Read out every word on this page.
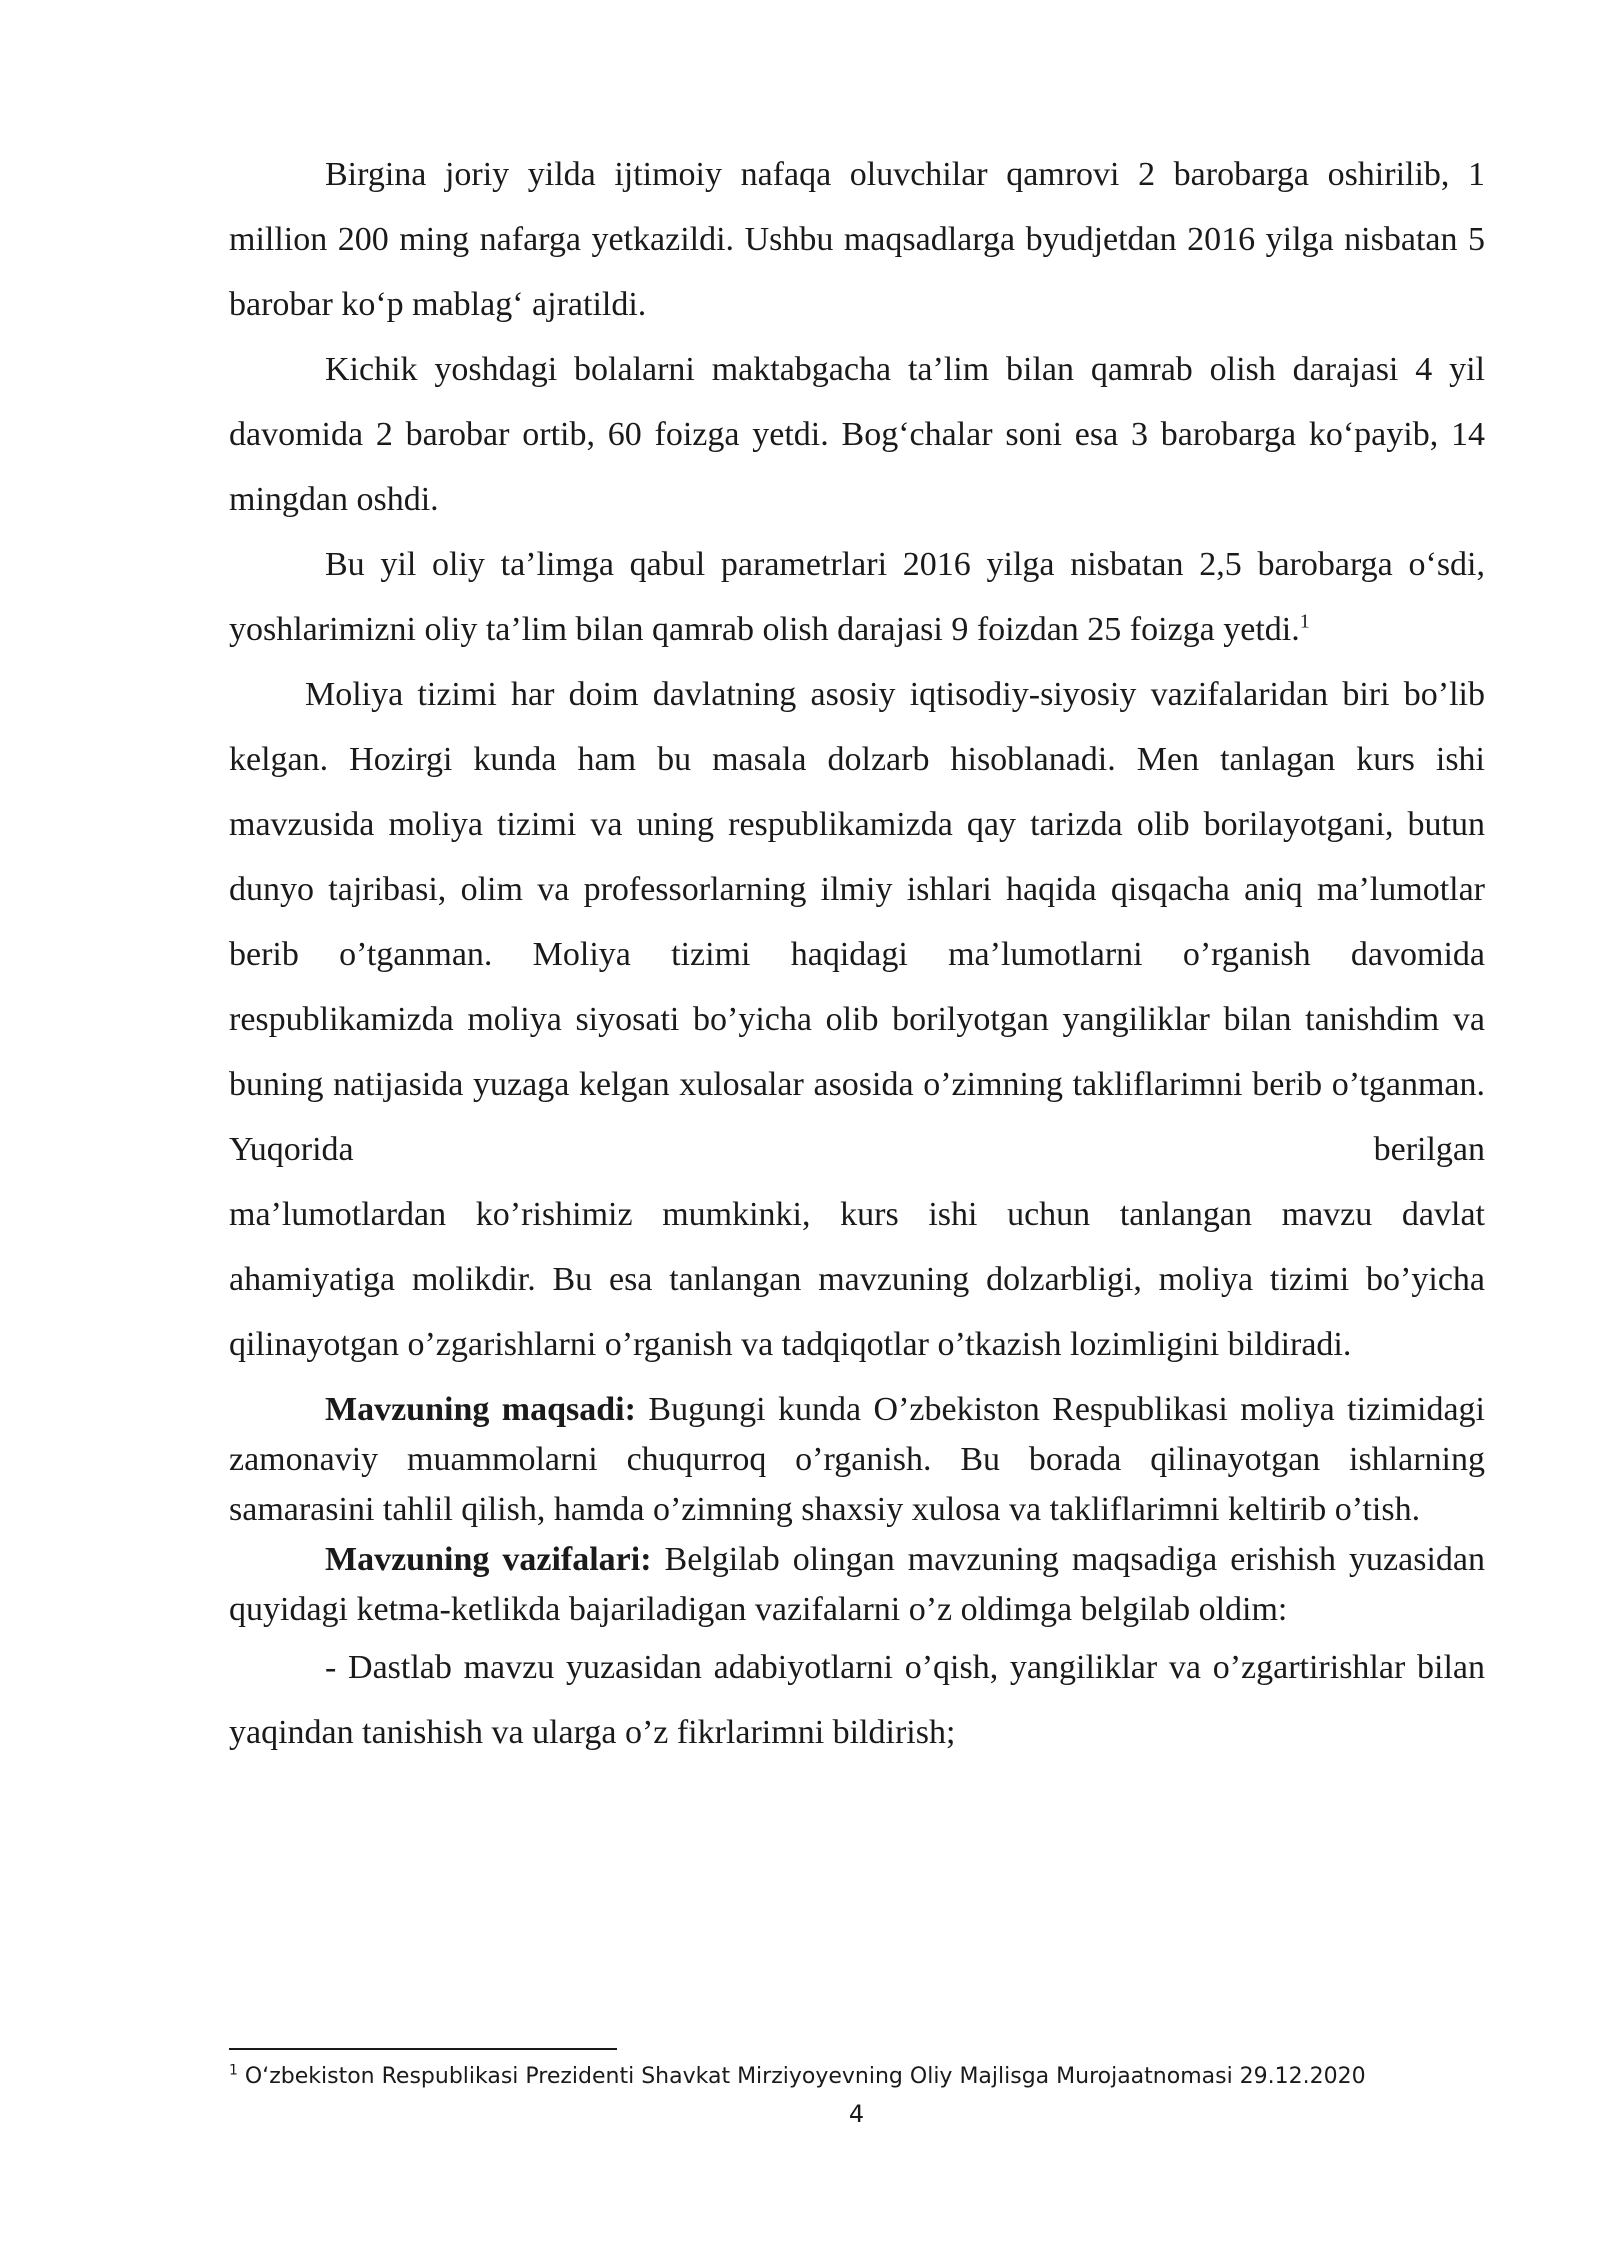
Birgina joriy yilda ijtimoiy nafaqa oluvchilar qamrovi 2 barobarga oshirilib, 1 million 200 ming nafarga yetkazildi. Ushbu maqsadlarga byudjetdan 2016 yilga nisbatan 5 barobar ko‘p mablag‘ ajratildi.

Kichik yoshdagi bolalarni maktabgacha ta’lim bilan qamrab olish darajasi 4 yil davomida 2 barobar ortib, 60 foizga yetdi. Bog‘chalar soni esa 3 barobarga ko‘payib, 14 mingdan oshdi.

Bu yil oliy ta’limga qabul parametrlari 2016 yilga nisbatan 2,5 barobarga o‘sdi, yoshlarimizni oliy ta’lim bilan qamrab olish darajasi 9 foizdan 25 foizga yetdi.$^1$

Moliya tizimi har doim davlatning asosiy iqtisodiy-siyosiy vazifalaridan biri bo’lib kelgan. Hozirgi kunda ham bu masala dolzarb hisoblanadi. Men tanlagan kurs ishi mavzusida moliya tizimi va uning respublikamizda qay tarizda olib borilayotgani, butun dunyo tajribasi, olim va professorlarning ilmiy ishlari haqida qisqacha aniq ma’lumotlar berib o’tganman. Moliya tizimi haqidagi ma’lumotlarni o’rganish davomida respublikamizda moliya siyosati bo’yicha olib borilyotgan yangiliklar bilan tanishdim va buning natijasida yuzaga kelgan xulosalar asosida o’zimning takliflarimni berib o’tganman. Yuqorida berilgan
ma’lumotlardan ko’rishimiz mumkinki, kurs ishi uchun tanlangan mavzu davlat ahamiyatiga molikdir. Bu esa tanlangan mavzuning dolzarbligi, moliya tizimi bo’yicha qilinayotgan o’zgarishlarni o’rganish va tadqiqotlar o’tkazish lozimligini bildiradi.

Mavzuning maqsadi: Bugungi kunda O’zbekiston Respublikasi moliya tizimidagi zamonaviy muammolarni chuqurroq o’rganish. Bu borada qilinayotgan ishlarning samarasini tahlil qilish, hamda o’zimning shaxsiy xulosa va takliflarimni keltirib o’tish.

Mavzuning vazifalari: Belgilab olingan mavzuning maqsadiga erishish yuzasidan quyidagi ketma-ketlikda bajariladigan vazifalarni o’z oldimga belgilab oldim:

- Dastlab mavzu yuzasidan adabiyotlarni o’qish, yangiliklar va o’zgartirishlar bilan yaqindan tanishish va ularga o’z fikrlarimni bildirish;

$^1$ O‘zbekiston Respublikasi Prezidenti Shavkat Mirziyoyevning Oliy Majlisga Murojaatnomasi 29.12.2020
4
